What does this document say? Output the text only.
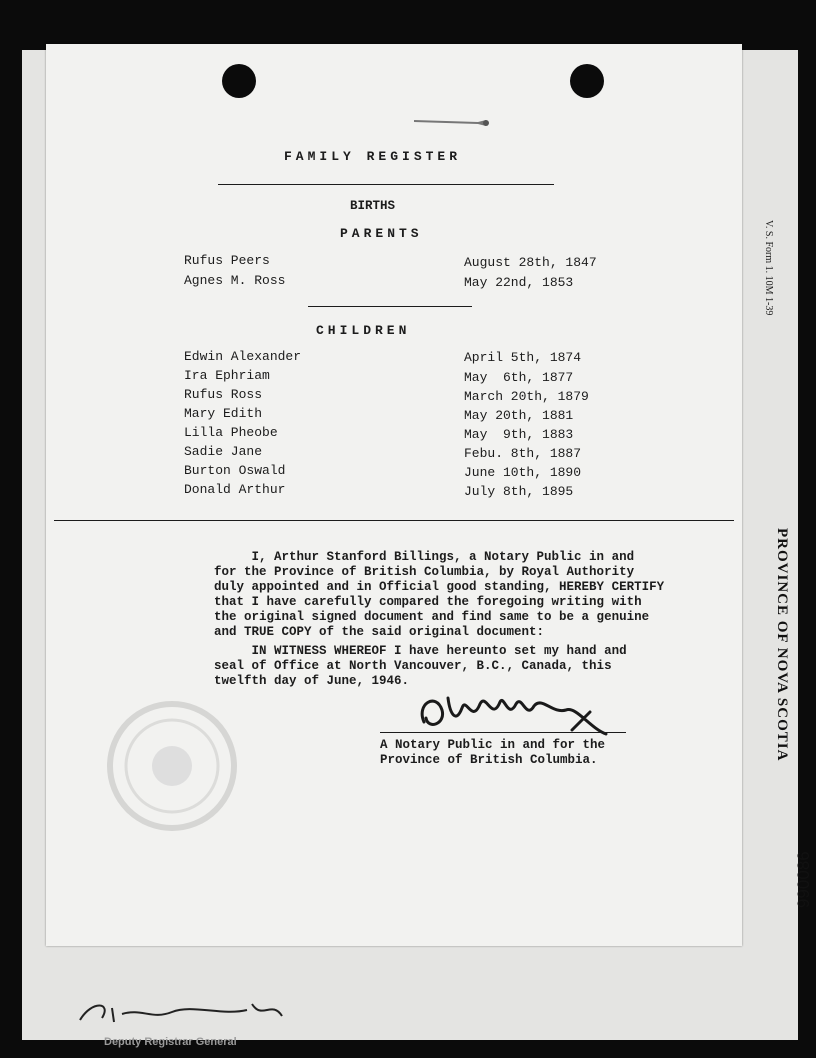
V. S. Form 1. 10M 1-39
PROVINCE OF NOVA SCOTIA
990086
Deputy Registrar General
FAMILY REGISTER
BIRTHS
PARENTS
Rufus Peers	August 28th, 1847
Agnes M. Ross	May 22nd, 1853
CHILDREN
Edwin Alexander	April 5th, 1874
Ira Ephriam	May  6th, 1877
Rufus Ross	March 20th, 1879
Mary Edith	May 20th, 1881
Lilla Pheobe	May  9th, 1883
Sadie Jane	Febu. 8th, 1887
Burton Oswald	June 10th, 1890
Donald Arthur	July 8th, 1895
I, Arthur Stanford Billings, a Notary Public in and
for the Province of British Columbia, by Royal Authority
duly appointed and in Official good standing, HEREBY CERTIFY
that I have carefully compared the foregoing writing with
the original signed document and find same to be a genuine
and TRUE COPY of the said original document:
IN WITNESS WHEREOF I have hereunto set my hand and
seal of Office at North Vancouver, B.C., Canada, this
twelfth day of June, 1946.
A Notary Public in and for the
Province of British Columbia.
